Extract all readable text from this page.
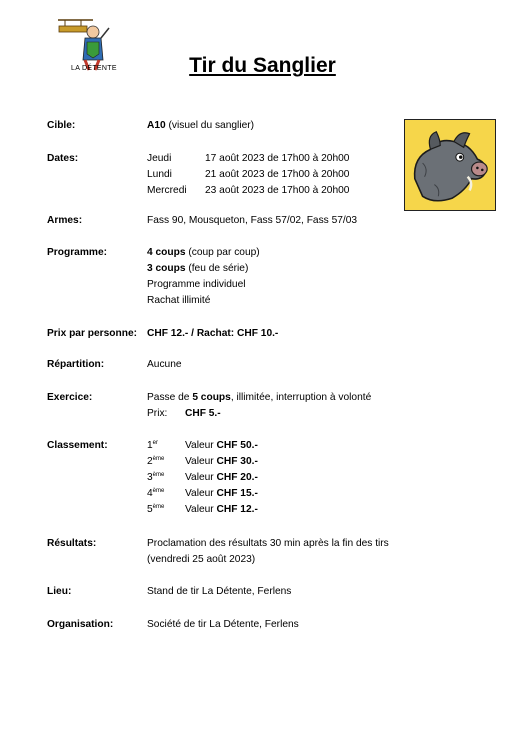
LA DÉTENTE	Tir du Sanglier
Cible:	A10 (visuel du sanglier)
Dates:	Jeudi	17 août 2023 de 17h00 à 20h00
Lundi	21 août 2023 de 17h00 à 20h00
Mercredi 23 août 2023 de 17h00 à 20h00
Armes:	Fass 90, Mousqueton, Fass 57/02, Fass 57/03
Programme:	4 coups (coup par coup)
3 coups (feu de série)
Programme individuel
Rachat illimité
Prix par personne: CHF 12.- / Rachat: CHF 10.-
Répartition:	Aucune
Exercice:	Passe de 5 coups, illimitée, interruption à volonté
Prix: CHF 5.-
Classement:	1er	Valeur CHF 50.-
2ème Valeur CHF 30.-
3ème Valeur CHF 20.-
4ème Valeur CHF 15.-
5ème Valeur CHF 12.-
Résultats:	Proclamation des résultats 30 min après la fin des tirs
(vendredi 25 août 2023)
Lieu:	Stand de tir La Détente, Ferlens
Organisation:	Société de tir La Détente, Ferlens
